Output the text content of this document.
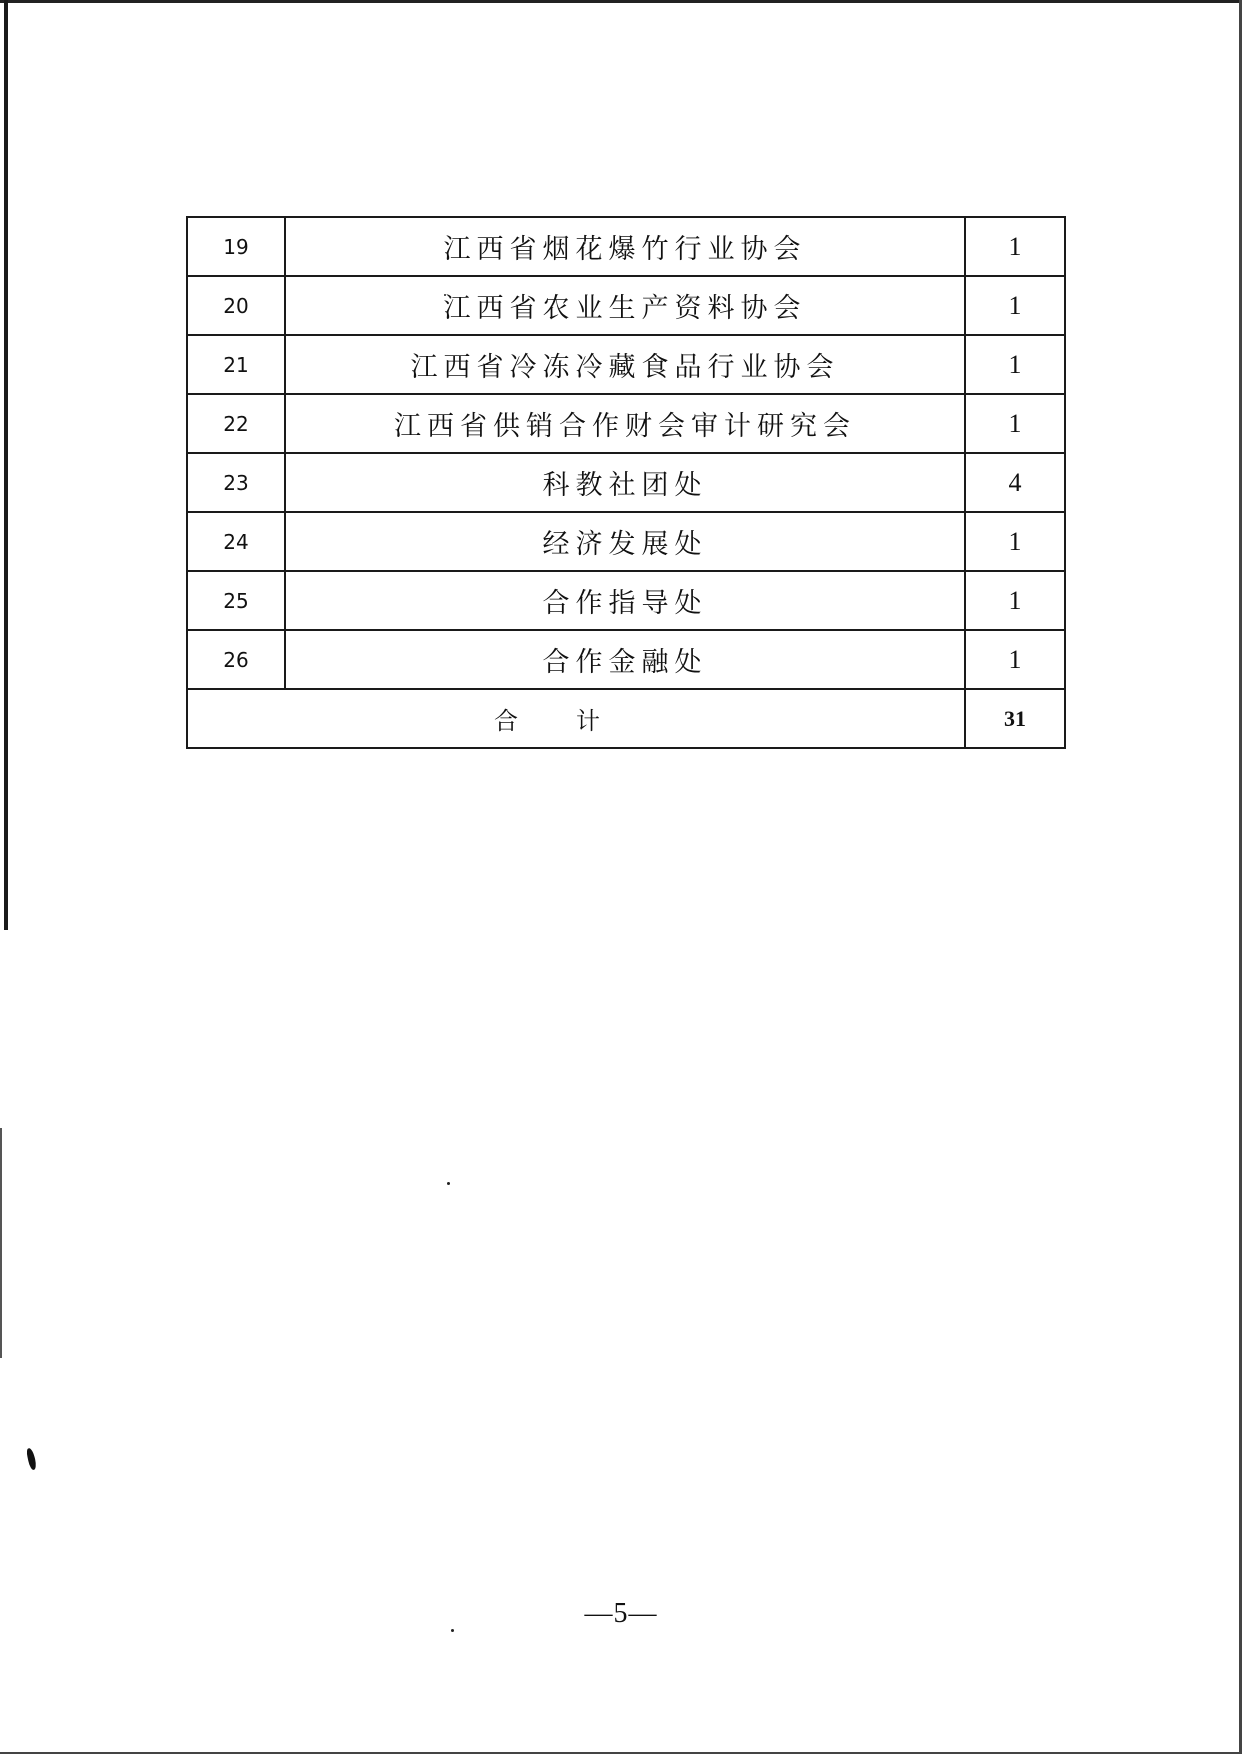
19	江西省烟花爆竹行业协会	1
20	江西省农业生产资料协会	1
21	江西省冷冻冷藏食品行业协会	1
22	江西省供销合作财会审计研究会	1
23	科教社团处	4
24	经济发展处	1
25	合作指导处	1
26	合作金融处	1
合计		31
—5—
